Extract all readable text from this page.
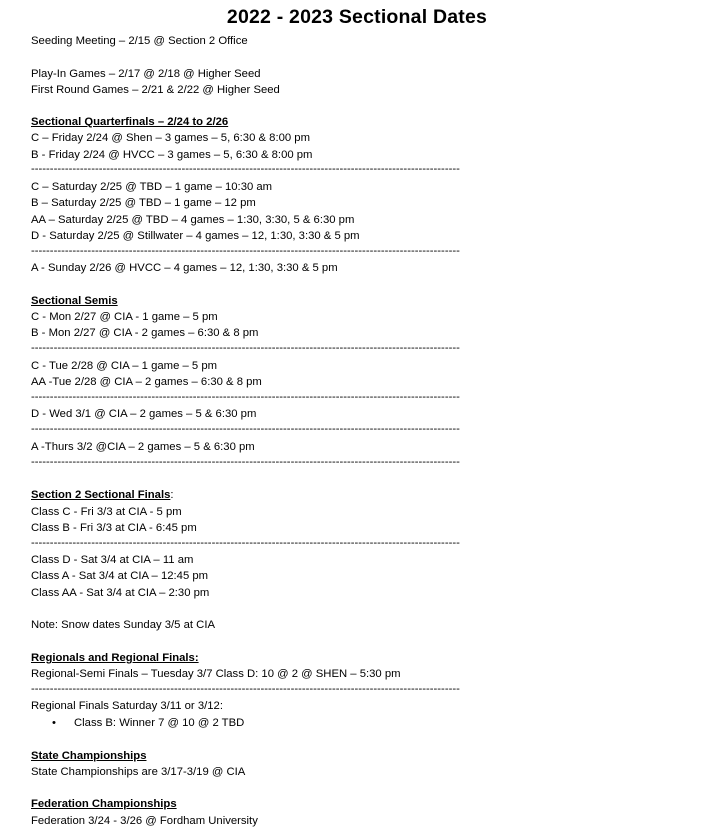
2022 - 2023 Sectional Dates
Seeding Meeting – 2/15 @ Section 2 Office
Play-In Games – 2/17 @ 2/18 @ Higher Seed
First Round Games – 2/21 & 2/22 @ Higher Seed
Sectional Quarterfinals – 2/24 to 2/26
C – Friday 2/24 @ Shen – 3 games – 5, 6:30 & 8:00 pm
B - Friday 2/24 @ HVCC – 3 games – 5, 6:30 & 8:00 pm
------------------------------------------------------------------------------------------------------------------
C – Saturday 2/25 @ TBD – 1 game – 10:30 am
B – Saturday 2/25 @ TBD – 1 game – 12 pm
AA – Saturday 2/25 @ TBD – 4 games – 1:30, 3:30, 5 & 6:30 pm
D - Saturday 2/25 @ Stillwater – 4 games – 12, 1:30, 3:30 & 5 pm
------------------------------------------------------------------------------------------------------------------
A - Sunday 2/26 @ HVCC – 4 games – 12, 1:30, 3:30 & 5 pm
Sectional Semis
C - Mon 2/27 @ CIA - 1 game – 5 pm
B - Mon 2/27 @ CIA - 2 games – 6:30 & 8 pm
------------------------------------------------------------------------------------------------------------------
C - Tue 2/28 @ CIA – 1 game – 5 pm
AA -Tue 2/28 @ CIA – 2 games – 6:30 & 8 pm
------------------------------------------------------------------------------------------------------------------
D - Wed 3/1 @ CIA – 2 games – 5 & 6:30 pm
------------------------------------------------------------------------------------------------------------------
A -Thurs 3/2 @CIA – 2 games – 5 & 6:30 pm
------------------------------------------------------------------------------------------------------------------
Section 2 Sectional Finals:
Class C - Fri 3/3 at CIA - 5 pm
Class B - Fri 3/3 at CIA - 6:45 pm
------------------------------------------------------------------------------------------------------------------
Class D - Sat 3/4 at CIA – 11 am
Class A - Sat 3/4 at CIA – 12:45 pm
Class AA - Sat 3/4 at CIA – 2:30 pm
Note: Snow dates Sunday 3/5 at CIA
Regionals and Regional Finals:
Regional-Semi Finals – Tuesday 3/7 Class D: 10 @ 2 @ SHEN – 5:30 pm
------------------------------------------------------------------------------------------------------------------
Regional Finals Saturday 3/11 or 3/12:
• Class B: Winner 7 @ 10 @ 2 TBD
State Championships
State Championships are 3/17-3/19 @ CIA
Federation Championships
Federation 3/24 - 3/26 @ Fordham University
